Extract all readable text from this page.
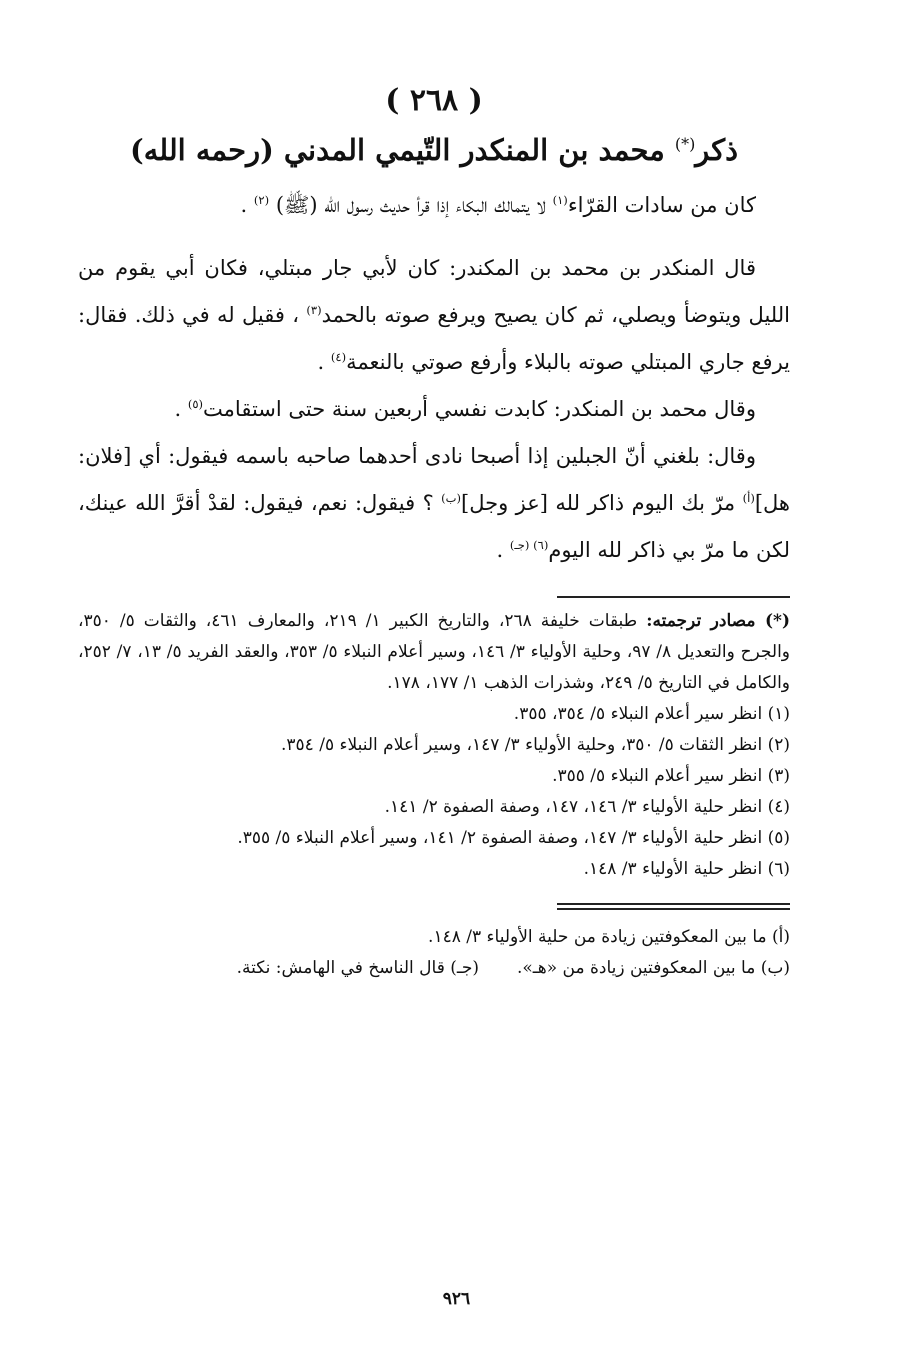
( ٢٦٨ )
ذكر(*) محمد بن المنكدر التّيمي المدني (رحمه الله)

كان من سادات القرّاء$^{(١)}$ لا يتمالك البكاء إذا قرأ حديث رسول الله (ﷺ) $^{(٢)}$ .

قال المنكدر بن محمد بن المكندر: كان لأبي جار مبتلي، فكان أبي يقوم من الليل ويتوضأ ويصلي، ثم كان يصيح ويرفع صوته بالحمد$^{(٣)}$ ، فقيل له في ذلك. فقال: يرفع جاري المبتلي صوته بالبلاء وأرفع صوتي بالنعمة$^{(٤)}$ .

وقال محمد بن المنكدر: كابدت نفسي أربعين سنة حتى استقامت$^{(٥)}$ .

وقال: بلغني أنّ الجبلين إذا أصبحا نادى أحدهما صاحبه باسمه فيقول: أي [فلان: هل]$^{(أ)}$ مرّ بك اليوم ذاكر لله [عز وجل]$^{(ب)}$ ؟ فيقول: نعم، فيقول: لقدْ أقرَّ الله عينك، لكن ما مرّ بي ذاكر لله اليوم$^{(٦) (جـ)}$ .

(*) مصادر ترجمته: طبقات خليفة ٢٦٨، والتاريخ الكبير ١/ ٢١٩، والمعارف ٤٦١، والثقات ٥/ ٣٥٠، والجرح والتعديل ٨/ ٩٧، وحلية الأولياء ٣/ ١٤٦، وسير أعلام النبلاء ٥/ ٣٥٣، والعقد الفريد ٥/ ١٣، ٧/ ٢٥٢، والكامل في التاريخ ٥/ ٢٤٩، وشذرات الذهب ١/ ١٧٧، ١٧٨.

(١) انظر سير أعلام النبلاء ٥/ ٣٥٤، ٣٥٥.

(٢) انظر الثقات ٥/ ٣٥٠، وحلية الأولياء ٣/ ١٤٧، وسير أعلام النبلاء ٥/ ٣٥٤.

(٣) انظر سير أعلام النبلاء ٥/ ٣٥٥.

(٤) انظر حلية الأولياء ٣/ ١٤٦، ١٤٧، وصفة الصفوة ٢/ ١٤١.

(٥) انظر حلية الأولياء ٣/ ١٤٧، وصفة الصفوة ٢/ ١٤١، وسير أعلام النبلاء ٥/ ٣٥٥.

(٦) انظر حلية الأولياء ٣/ ١٤٨.

(أ) ما بين المعكوفتين زيادة من حلية الأولياء ٣/ ١٤٨.

(ب) ما بين المعكوفتين زيادة من «هـ».(جـ) قال الناسخ في الهامش: نكتة.

٩٢٦
